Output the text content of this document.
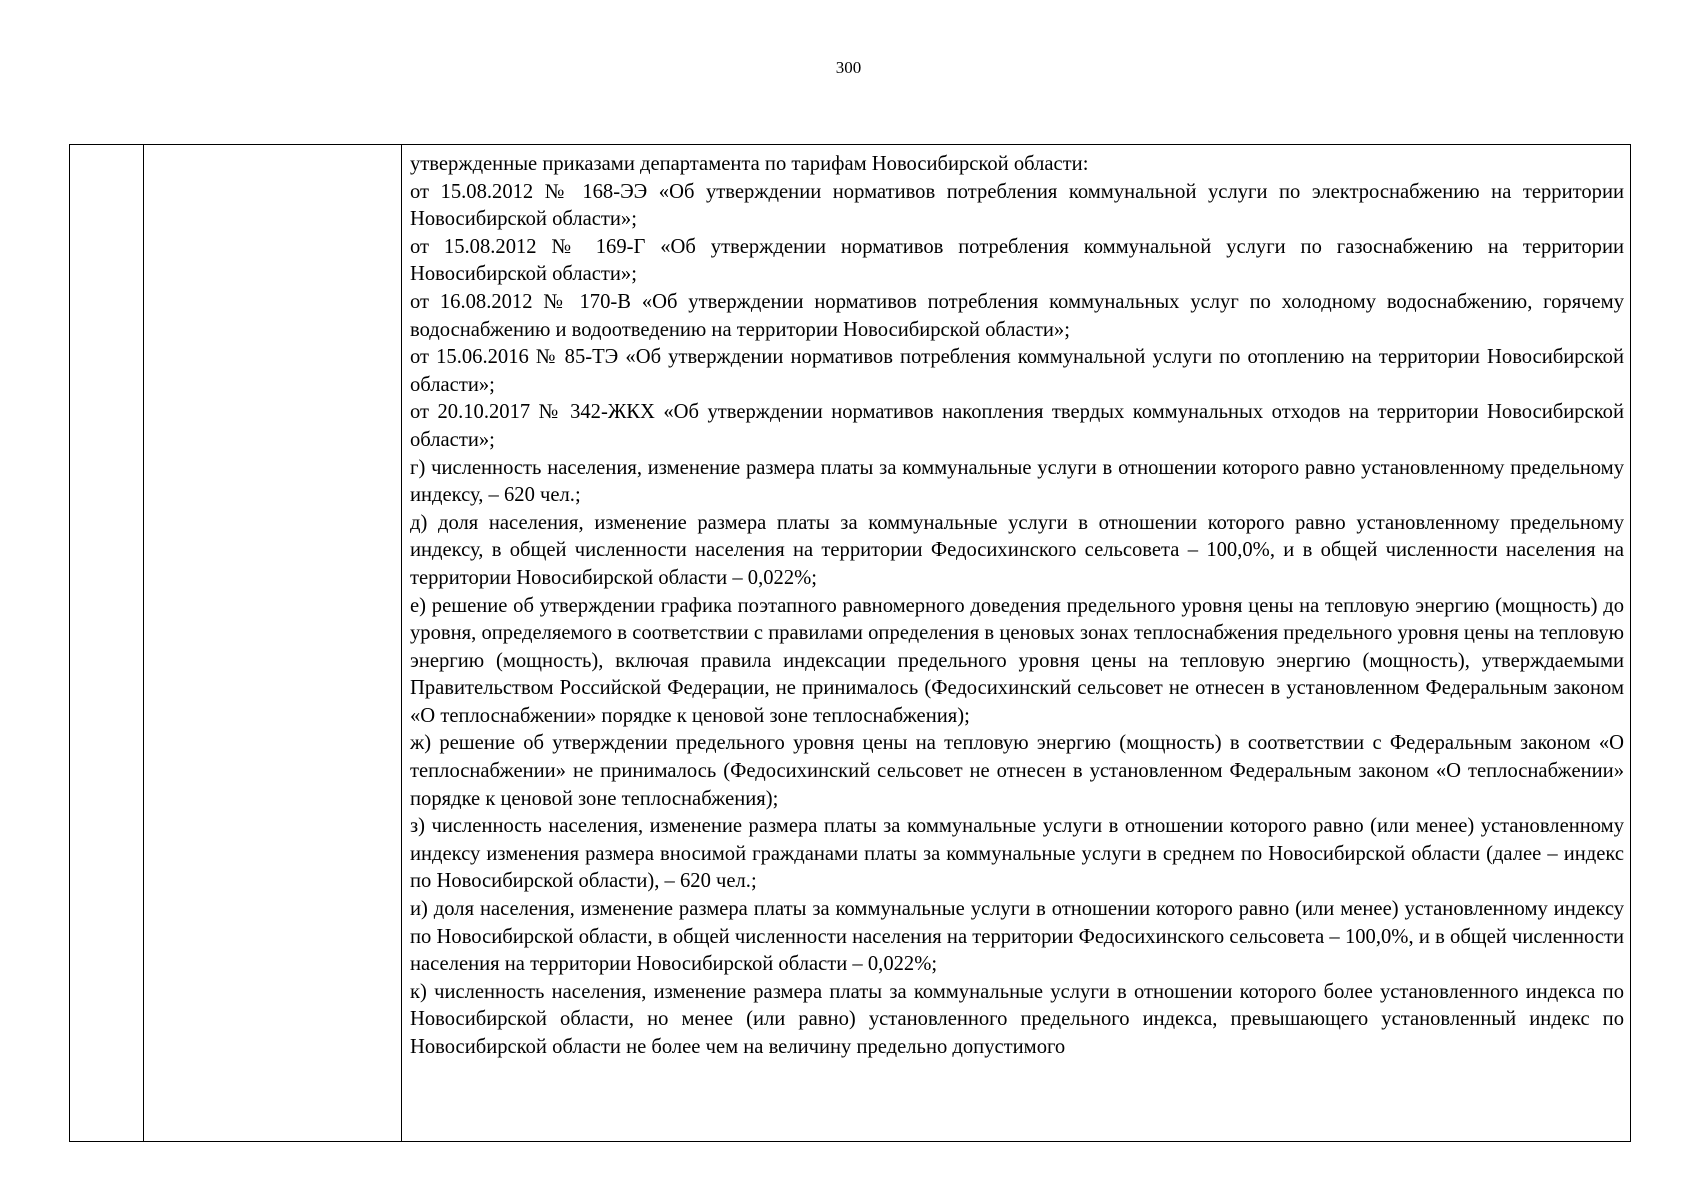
300

утвержденные приказами департамента по тарифам Новосибирской области:

от 15.08.2012 № 168-ЭЭ «Об утверждении нормативов потребления коммунальной услуги по электроснабжению на территории Новосибирской области»;

от 15.08.2012 № 169-Г «Об утверждении нормативов потребления коммунальной услуги по газоснабжению на территории Новосибирской области»;

от 16.08.2012 № 170-В «Об утверждении нормативов потребления коммунальных услуг по холодному водоснабжению, горячему водоснабжению и водоотведению на территории Новосибирской области»;

от 15.06.2016 № 85-ТЭ «Об утверждении нормативов потребления коммунальной услуги по отоплению на территории Новосибирской области»;

от 20.10.2017 № 342-ЖКХ «Об утверждении нормативов накопления твердых коммунальных отходов на территории Новосибирской области»;

г) численность населения, изменение размера платы за коммунальные услуги в отношении которого равно установленному предельному индексу, – 620 чел.;

д) доля населения, изменение размера платы за коммунальные услуги в отношении которого равно установленному предельному индексу, в общей численности населения на территории Федосихинского сельсовета – 100,0%, и в общей численности населения на территории Новосибирской области – 0,022%;

е) решение об утверждении графика поэтапного равномерного доведения предельного уровня цены на тепловую энергию (мощность) до уровня, определяемого в соответствии с правилами определения в ценовых зонах теплоснабжения предельного уровня цены на тепловую энергию (мощность), включая правила индексации предельного уровня цены на тепловую энергию (мощность), утверждаемыми Правительством Российской Федерации, не принималось (Федосихинский сельсовет не отнесен в установленном Федеральным законом «О теплоснабжении» порядке к ценовой зоне теплоснабжения);

ж) решение об утверждении предельного уровня цены на тепловую энергию (мощность) в соответствии с Федеральным законом «О теплоснабжении» не принималось (Федосихинский сельсовет не отнесен в установленном Федеральным законом «О теплоснабжении» порядке к ценовой зоне теплоснабжения);

з) численность населения, изменение размера платы за коммунальные услуги в отношении которого равно (или менее) установленному индексу изменения размера вносимой гражданами платы за коммунальные услуги в среднем по Новосибирской области (далее – индекс по Новосибирской области), – 620 чел.;

и) доля населения, изменение размера платы за коммунальные услуги в отношении которого равно (или менее) установленному индексу по Новосибирской области, в общей численности населения на территории Федосихинского сельсовета – 100,0%, и в общей численности населения на территории Новосибирской области – 0,022%;

к) численность населения, изменение размера платы за коммунальные услуги в отношении которого более установленного индекса по Новосибирской области, но менее (или равно) установленного предельного индекса, превышающего установленный индекс по Новосибирской области не более чем на величину предельно допустимого
